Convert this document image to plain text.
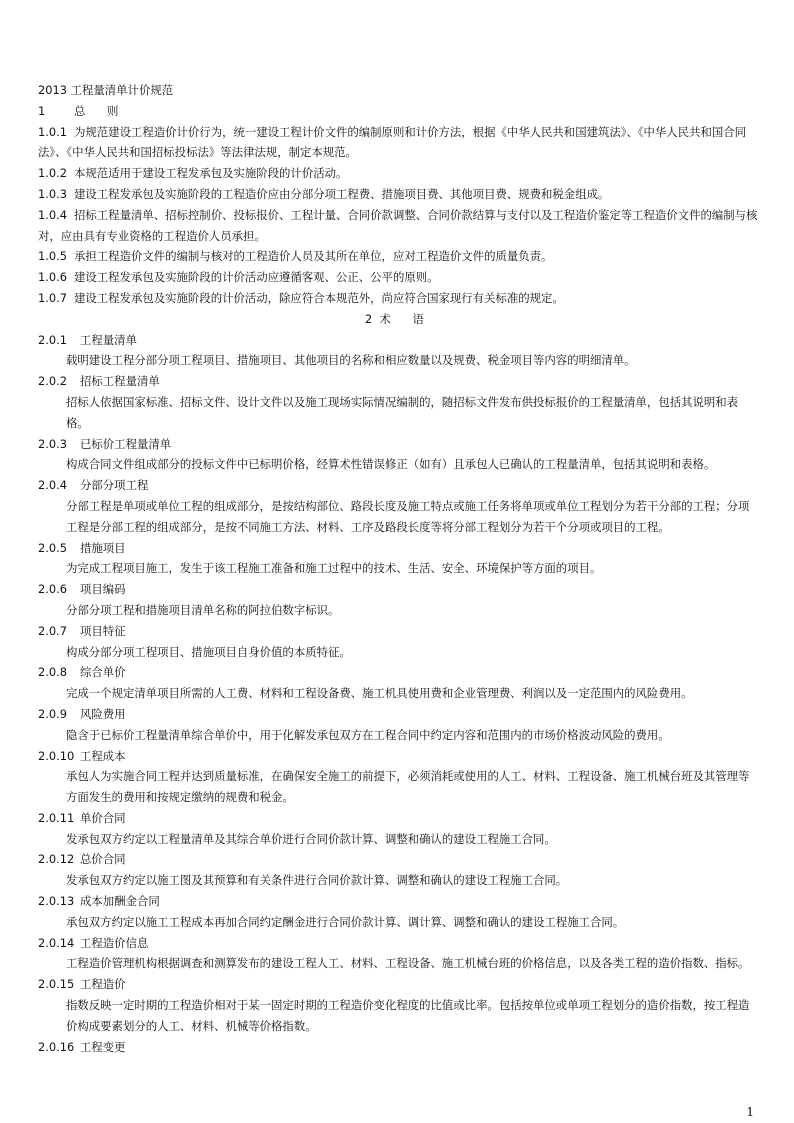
2013 工程量清单计价规范

1	总 则

1.0.1 为规范建设工程造价计价行为，统一建设工程计价文件的编制原则和计价方法，根据《中华人民共和国建筑法》、《中华人民共和国合同法》、《中华人民共和国招标投标法》等法律法规，制定本规范。

1.0.2 本规范适用于建设工程发承包及实施阶段的计价活动。

1.0.3 建设工程发承包及实施阶段的工程造价应由分部分项工程费、措施项目费、其他项目费、规费和税金组成。

1.0.4 招标工程量清单、招标控制价、投标报价、工程计量、合同价款调整、合同价款结算与支付以及工程造价鉴定等工程造价文件的编制与核对，应由具有专业资格的工程造价人员承担。

1.0.5 承担工程造价文件的编制与核对的工程造价人员及其所在单位，应对工程造价文件的质量负责。

1.0.6 建设工程发承包及实施阶段的计价活动应遵循客观、公正、公平的原则。

1.0.7 建设工程发承包及实施阶段的计价活动，除应符合本规范外，尚应符合国家现行有关标准的规定。

2 术 语

2.0.1 工程量清单

载明建设工程分部分项工程项目、措施项目、其他项目的名称和相应数量以及规费、税金项目等内容的明细清单。

2.0.2 招标工程量清单

招标人依据国家标准、招标文件、设计文件以及施工现场实际情况编制的，随招标文件发布供投标报价的工程量清单，包括其说明和表格。

2.0.3 已标价工程量清单

构成合同文件组成部分的投标文件中已标明价格，经算术性错误修正（如有）且承包人已确认的工程量清单，包括其说明和表格。

2.0.4 分部分项工程

分部工程是单项或单位工程的组成部分，是按结构部位、路段长度及施工特点或施工任务将单项或单位工程划分为若干分部的工程；分项工程是分部工程的组成部分，是按不同施工方法、材料、工序及路段长度等将分部工程划分为若干个分项或项目的工程。

2.0.5 措施项目

为完成工程项目施工，发生于该工程施工准备和施工过程中的技术、生活、安全、环境保护等方面的项目。

2.0.6 项目编码

分部分项工程和措施项目清单名称的阿拉伯数字标识。

2.0.7 项目特征

构成分部分项工程项目、措施项目自身价值的本质特征。

2.0.8 综合单价

完成一个规定清单项目所需的人工费、材料和工程设备费、施工机具使用费和企业管理费、利润以及一定范围内的风险费用。

2.0.9 风险费用

隐含于已标价工程量清单综合单价中，用于化解发承包双方在工程合同中约定内容和范围内的市场价格波动风险的费用。

2.0.10 工程成本

承包人为实施合同工程并达到质量标准，在确保安全施工的前提下，必须消耗或使用的人工、材料、工程设备、施工机械台班及其管理等方面发生的费用和按规定缴纳的规费和税金。

2.0.11 单价合同

发承包双方约定以工程量清单及其综合单价进行合同价款计算、调整和确认的建设工程施工合同。

2.0.12 总价合同

发承包双方约定以施工图及其预算和有关条件进行合同价款计算、调整和确认的建设工程施工合同。

2.0.13 成本加酬金合同

承包双方约定以施工工程成本再加合同约定酬金进行合同价款计算、调计算、调整和确认的建设工程施工合同。

2.0.14 工程造价信息

工程造价管理机构根据调查和测算发布的建设工程人工、材料、工程设备、施工机械台班的价格信息，以及各类工程的造价指数、指标。

2.0.15 工程造价

指数反映一定时期的工程造价相对于某一固定时期的工程造价变化程度的比值或比率。包括按单位或单项工程划分的造价指数，按工程造价构成要素划分的人工、材料、机械等价格指数。

2.0.16 工程变更

1
